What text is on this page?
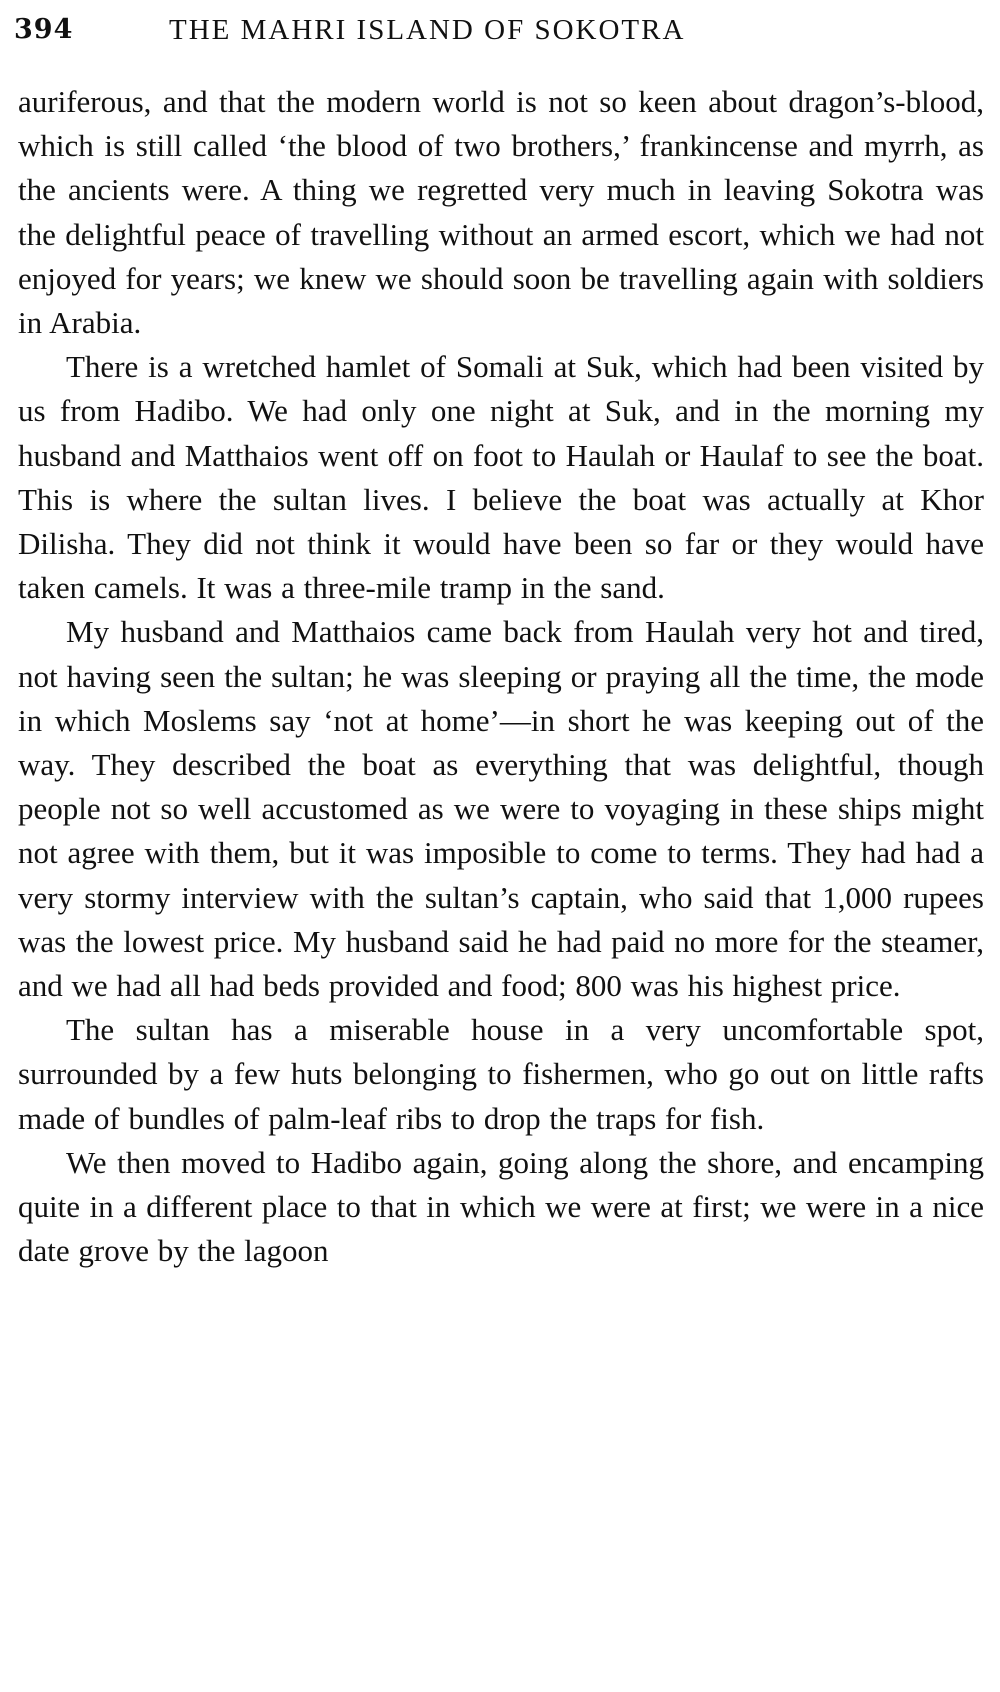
394	THE MAHRI ISLAND OF SOKOTRA

auriferous, and that the modern world is not so keen about dragon’s-blood, which is still called ‘the blood of two brothers,’ frankincense and myrrh, as the ancients were. A thing we regretted very much in leaving Sokotra was the delightful peace of travelling without an armed escort, which we had not enjoyed for years; we knew we should soon be travelling again with soldiers in Arabia.

There is a wretched hamlet of Somali at Suk, which had been visited by us from Hadibo. We had only one night at Suk, and in the morning my husband and Matthaios went off on foot to Haulah or Haulaf to see the boat. This is where the sultan lives. I believe the boat was actually at Khor Dilisha. They did not think it would have been so far or they would have taken camels. It was a three-mile tramp in the sand.

My husband and Matthaios came back from Haulah very hot and tired, not having seen the sultan; he was sleeping or praying all the time, the mode in which Moslems say ‘not at home’—in short he was keeping out of the way. They described the boat as everything that was delightful, though people not so well accustomed as we were to voyaging in these ships might not agree with them, but it was imposible to come to terms. They had had a very stormy interview with the sultan’s captain, who said that 1,000 rupees was the lowest price. My husband said he had paid no more for the steamer, and we had all had beds provided and food; 800 was his highest price.

The sultan has a miserable house in a very uncomfortable spot, surrounded by a few huts belonging to fishermen, who go out on little rafts made of bundles of palm-leaf ribs to drop the traps for fish.

We then moved to Hadibo again, going along the shore, and encamping quite in a different place to that in which we were at first; we were in a nice date grove by the lagoon
